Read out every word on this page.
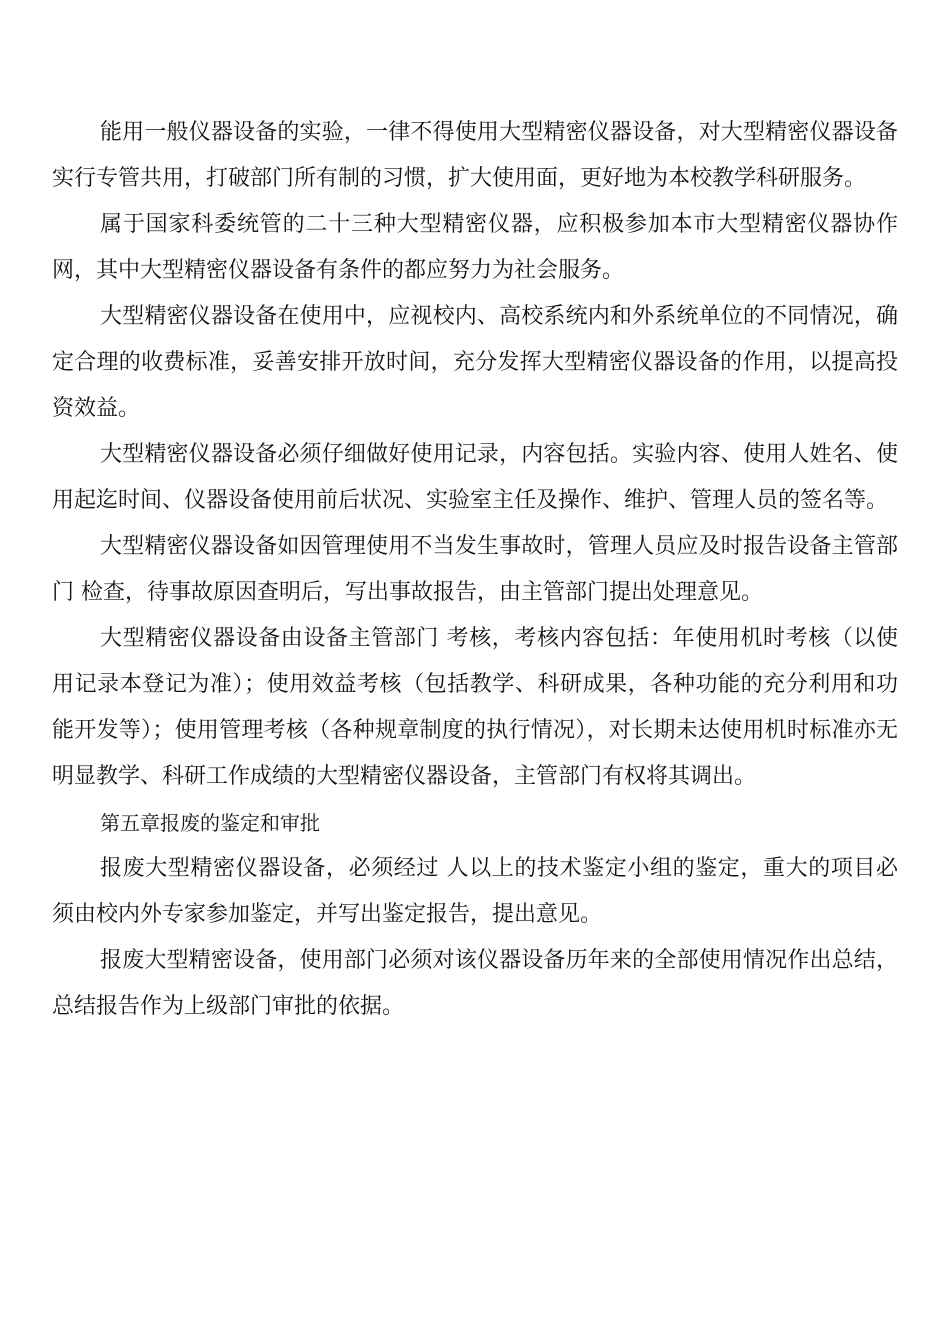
能用一般仪器设备的实验，一律不得使用大型精密仪器设备，对大型精密仪器设备实行专管共用，打破部门所有制的习惯，扩大使用面，更好地为本校教学科研服务。

属于国家科委统管的二十三种大型精密仪器，应积极参加本市大型精密仪器协作网，其中大型精密仪器设备有条件的都应努力为社会服务。

大型精密仪器设备在使用中，应视校内、高校系统内和外系统单位的不同情况，确定合理的收费标准，妥善安排开放时间，充分发挥大型精密仪器设备的作用，以提高投资效益。

大型精密仪器设备必须仔细做好使用记录，内容包括。实验内容、使用人姓名、使用起迄时间、仪器设备使用前后状况、实验室主任及操作、维护、管理人员的签名等。

大型精密仪器设备如因管理使用不当发生事故时，管理人员应及时报告设备主管部门 检查，待事故原因查明后，写出事故报告，由主管部门提出处理意见。

大型精密仪器设备由设备主管部门 考核，考核内容包括：年使用机时考核（以使用记录本登记为准）；使用效益考核（包括教学、科研成果，各种功能的充分利用和功能开发等）；使用管理考核（各种规章制度的执行情况），对长期未达使用机时标准亦无明显教学、科研工作成绩的大型精密仪器设备，主管部门有权将其调出。

第五章报废的鉴定和审批

报废大型精密仪器设备，必须经过 人以上的技术鉴定小组的鉴定，重大的项目必须由校内外专家参加鉴定，并写出鉴定报告，提出意见。

报废大型精密设备，使用部门必须对该仪器设备历年来的全部使用情况作出总结，总结报告作为上级部门审批的依据。
